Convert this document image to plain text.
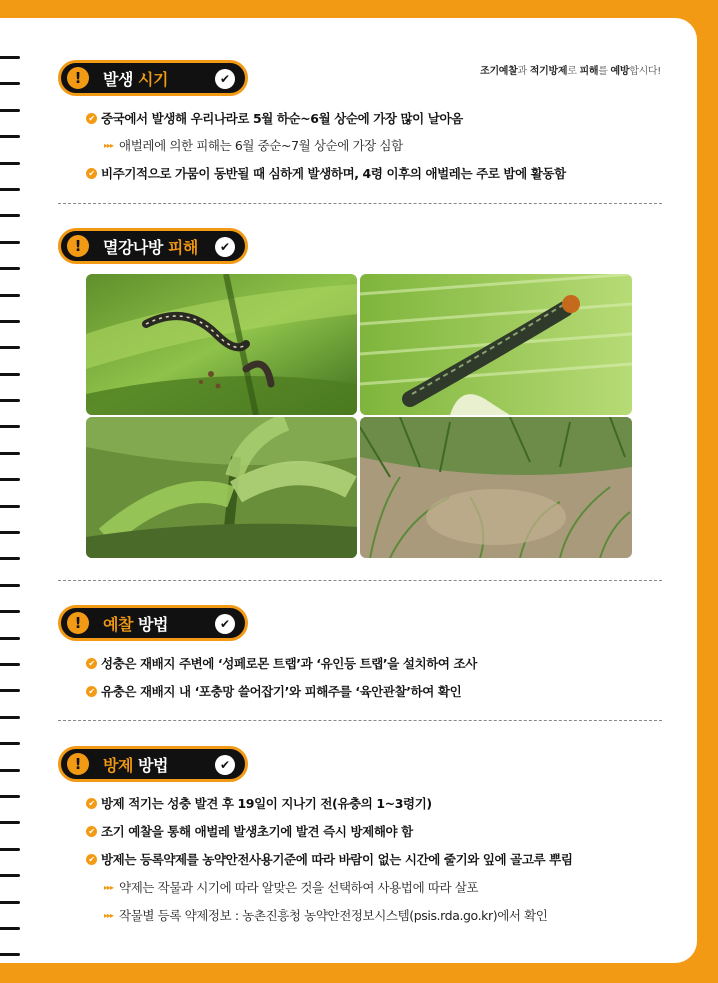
조기예찰과 적기방제로 피해를 예방합시다!
!	발생 시기	✔
✔ 중국에서 발생해 우리나라로 5월 하순~6월 상순에 가장 많이 날아옴
▸▸▸ 애벌레에 의한 피해는 6월 중순~7월 상순에 가장 심함
✔ 비주기적으로 가뭄이 동반될 때 심하게 발생하며, 4령 이후의 애벌레는 주로 밤에 활동함
!	멸강나방 피해	✔
!	예찰 방법	✔
✔ 성충은 재배지 주변에 ‘성페로몬 트랩’과 ‘유인등 트랩’을 설치하여 조사
✔ 유충은 재배지 내 ‘포충망 쓸어잡기’와 피해주를 ‘육안관찰’하여 확인
!	방제 방법	✔
✔ 방제 적기는 성충 발견 후 19일이 지나기 전(유충의 1~3령기)
✔ 조기 예찰을 통해 애벌레 발생초기에 발견 즉시 방제해야 함
✔ 방제는 등록약제를 농약안전사용기준에 따라 바람이 없는 시간에 줄기와 잎에 골고루 뿌림
▸▸▸ 약제는 작물과 시기에 따라 알맞은 것을 선택하여 사용법에 따라 살포
▸▸▸ 작물별 등록 약제정보 : 농촌진흥청 농약안전정보시스템(psis.rda.go.kr)에서 확인
